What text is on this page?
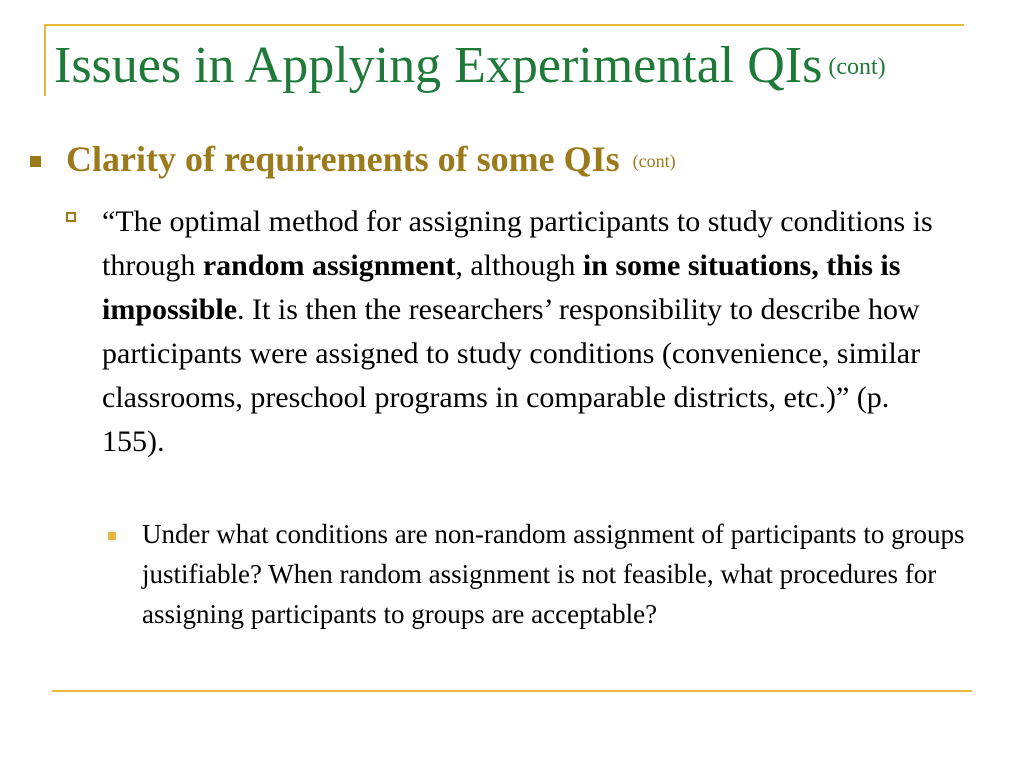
Issues in Applying Experimental QIs (cont)
Clarity of requirements of some QIs (cont)
“The optimal method for assigning participants to study conditions is through random assignment, although in some situations, this is impossible. It is then the researchers’ responsibility to describe how participants were assigned to study conditions (convenience, similar classrooms, preschool programs in comparable districts, etc.)” (p. 155).
Under what conditions are non-random assignment of participants to groups justifiable? When random assignment is not feasible, what procedures for assigning participants to groups are acceptable?
